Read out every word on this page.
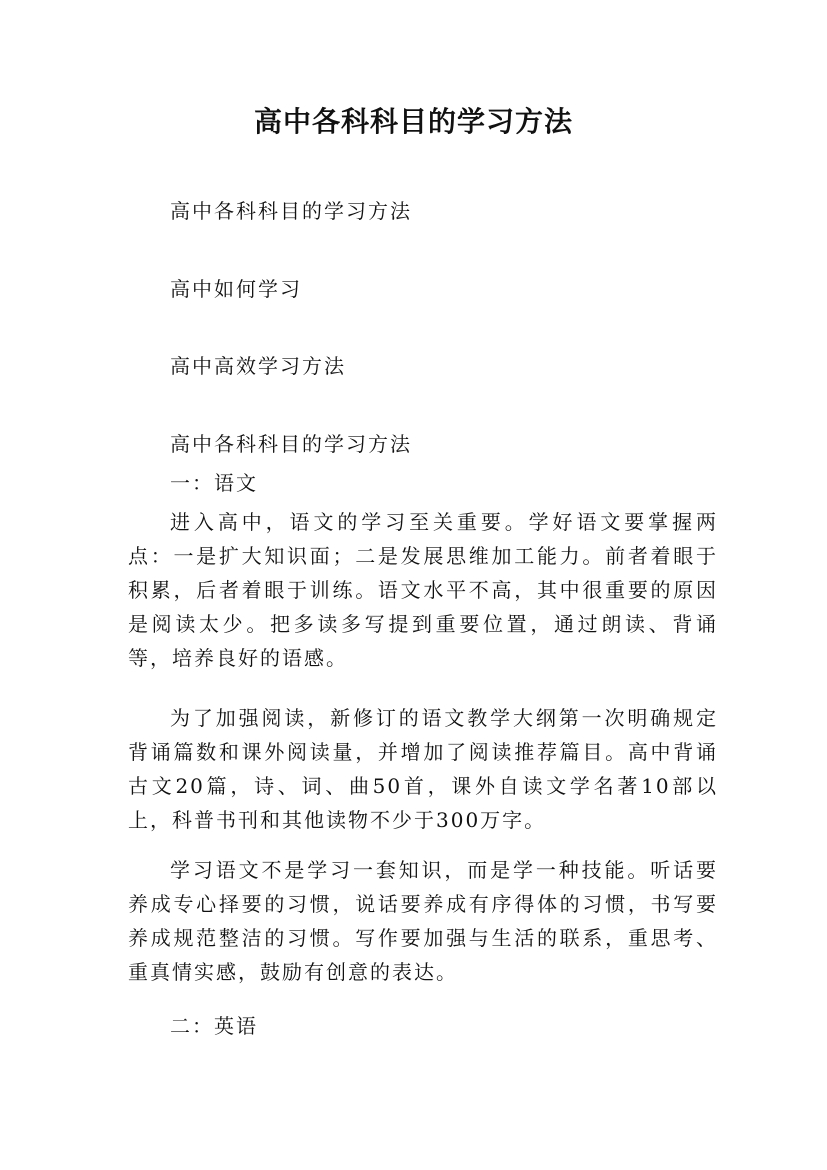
高中各科科目的学习方法
高中各科科目的学习方法
高中如何学习
高中高效学习方法
高中各科科目的学习方法
一：语文

进入高中，语文的学习至关重要。学好语文要掌握两点：一是扩大知识面；二是发展思维加工能力。前者着眼于积累，后者着眼于训练。语文水平不高，其中很重要的原因是阅读太少。把多读多写提到重要位置，通过朗读、背诵等，培养良好的语感。

为了加强阅读，新修订的语文教学大纲第一次明确规定背诵篇数和课外阅读量，并增加了阅读推荐篇目。高中背诵古文20篇，诗、词、曲50首，课外自读文学名著10部以上，科普书刊和其他读物不少于300万字。

学习语文不是学习一套知识，而是学一种技能。听话要养成专心择要的习惯，说话要养成有序得体的习惯，书写要养成规范整洁的习惯。写作要加强与生活的联系，重思考、重真情实感，鼓励有创意的表达。

二：英语
